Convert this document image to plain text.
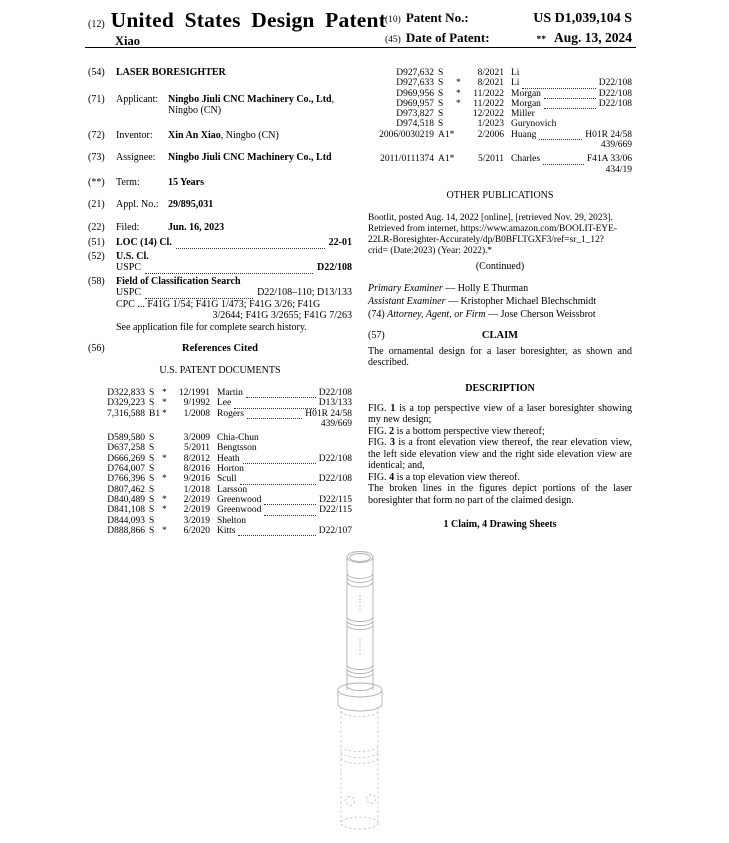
(12) United States Design Patent
Xiao
(10) Patent No.:	US D1,039,104 S
(45) Date of Patent:	** Aug. 13, 2024
(54)	LASER BORESIGHTER
(71)	Applicant: Ningbo Jiuli CNC Machinery Co., Ltd, Ningbo (CN)
(72)	Inventor:	Xin An Xiao, Ningbo (CN)
(73)	Assignee:	Ningbo Jiuli CNC Machinery Co., Ltd
(**)	Term:	15 Years
(21)	Appl. No.: 29/895,031
(22)	Filed:	Jun. 16, 2023
(51)	LOC (14) Cl.	22-01
(52)	U.S. Cl.
USPC	D22/108
(58)	Field of Classification Search
USPC	D22/108–110; D13/133
CPC ... F41G 1/54; F41G 1/473; F41G 3/26; F41G
3/2644; F41G 3/2655; F41G 7/263
See application file for complete search history.
(56)	References Cited
U.S. PATENT DOCUMENTS
D322,833 S *	12/1991 Martin	D22/108
D329,223 S *	9/1992 Lee	D13/133
7,316,588 B1 *	1/2008 Rogers	H01R 24/58
439/669
D589,580 S	3/2009 Chia-Chun
D637,258 S	5/2011 Bengtsson
D666,269 S *	8/2012 Heath	D22/108
D764,007 S	8/2016 Horton
D766,396 S *	9/2016 Scull	D22/108
D807,462 S	1/2018 Larsson
D840,489 S *	2/2019 Greenwood	D22/115
D841,108 S *	2/2019 Greenwood	D22/115
D844,093 S	3/2019 Shelton
D888,866 S *	6/2020 Kitts	D22/107
D927,632 S	8/2021 Li
D927,633 S	*	8/2021 Li	D22/108
D969,956 S	*	11/2022 Morgan	D22/108
D969,957 S	*	11/2022 Morgan	D22/108
D973,827 S	12/2022 Miller
D974,518 S	1/2023 Gurynovich
2006/0030219 A1*	2/2006 Huang	H01R 24/58
439/669
2011/0111374 A1*	5/2011 Charles	F41A 33/06
434/19
OTHER PUBLICATIONS
Bootlit, posted Aug. 14, 2022 [online], [retrieved Nov. 29, 2023].
Retrieved from internet, https://www.amazon.com/BOOLIT-EYE-
22LR-Boresighter-Accurately/dp/B0BFLTGXF3/ref=sr_1_12?
crid= (Date:2023) (Year: 2022).*
(Continued)
Primary Examiner — Holly E Thurman
Assistant Examiner — Kristopher Michael Blechschmidt
(74) Attorney, Agent, or Firm — Jose Cherson Weissbrot
(57)	CLAIM

The ornamental design for a laser boresighter, as shown and described.

DESCRIPTION

FIG. 1 is a top perspective view of a laser boresighter showing my new design;

FIG. 2 is a bottom perspective view thereof;

FIG. 3 is a front elevation view thereof, the rear elevation view, the left side elevation view and the right side elevation view are identical; and,

FIG. 4 is a top elevation view thereof.

The broken lines in the figures depict portions of the laser boresighter that form no part of the claimed design.

1 Claim, 4 Drawing Sheets
